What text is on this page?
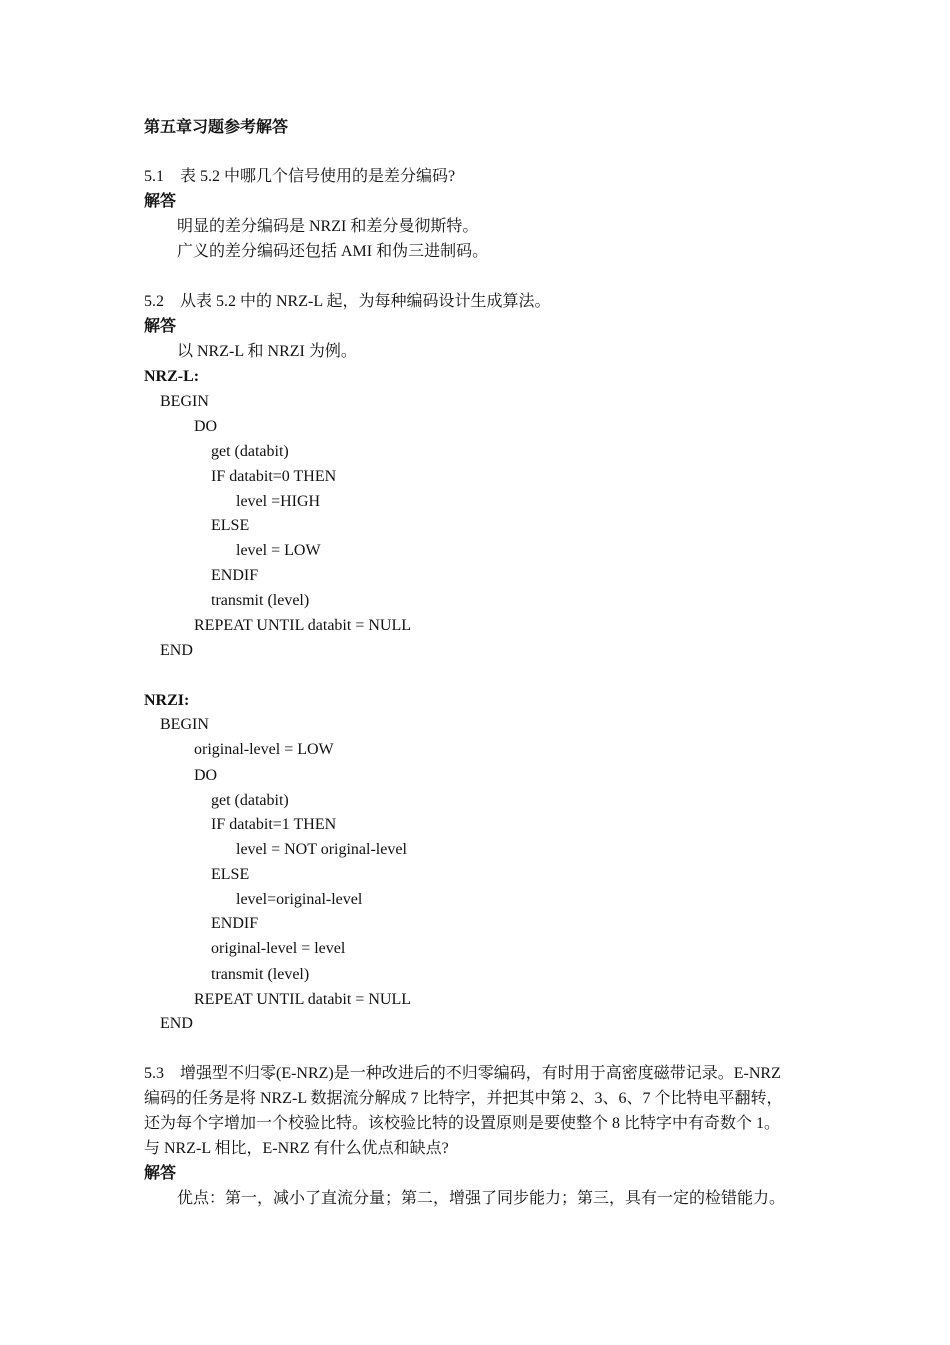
第五章习题参考解答
5.1　表 5.2 中哪几个信号使用的是差分编码?
解答
明显的差分编码是 NRZI 和差分曼彻斯特。
广义的差分编码还包括 AMI 和伪三进制码。
5.2　从表 5.2 中的 NRZ-L 起，为每种编码设计生成算法。
解答
以 NRZ-L 和 NRZI 为例。
NRZ-L:
BEGIN
DO
get (databit)
IF databit=0 THEN
level =HIGH
ELSE
level = LOW
ENDIF
transmit (level)
REPEAT UNTIL databit = NULL
END
NRZI:
BEGIN
original-level = LOW
DO
get (databit)
IF databit=1 THEN
level = NOT original-level
ELSE
level=original-level
ENDIF
original-level = level
transmit (level)
REPEAT UNTIL databit = NULL
END
5.3　增强型不归零(E-NRZ)是一种改进后的不归零编码，有时用于高密度磁带记录。E-NRZ
编码的任务是将 NRZ-L 数据流分解成 7 比特字，并把其中第 2、3、6、7 个比特电平翻转，
还为每个字增加一个校验比特。该校验比特的设置原则是要使整个 8 比特字中有奇数个 1。
与 NRZ-L 相比，E-NRZ 有什么优点和缺点?
解答
优点：第一，减小了直流分量；第二，增强了同步能力；第三，具有一定的检错能力。
